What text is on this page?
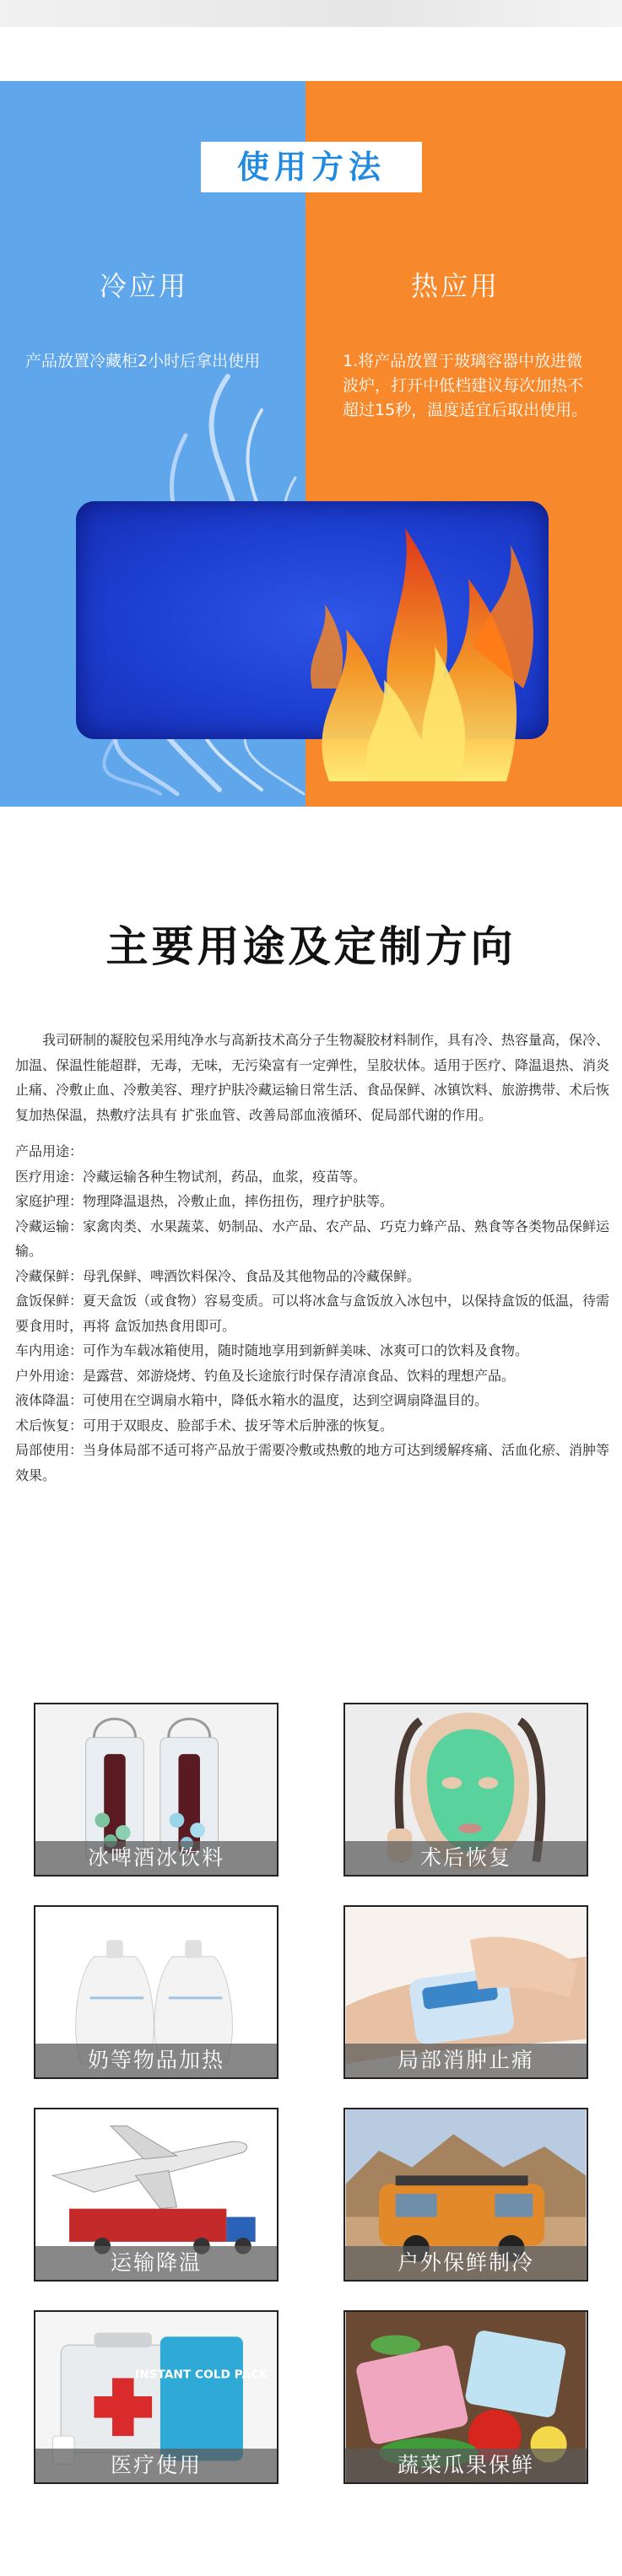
使用方法
冷应用	热应用
产品放置冷藏柜2小时后拿出使用	1.将产品放置于玻璃容器中放进微波炉，打开中低档建议每次加热不超过15秒，温度适宜后取出使用。
主要用途及定制方向

我司研制的凝胶包采用纯净水与高新技术高分子生物凝胶材料制作，具有冷、热容量高，保冷、加温、保温性能超群，无毒，无味，无污染富有一定弹性，呈胶状体。适用于医疗、降温退热、消炎止痛、冷敷止血、冷敷美容、理疗护肤冷藏运输日常生活、食品保鲜、冰镇饮料、旅游携带、术后恢复加热保温，热敷疗法具有 扩张血管、改善局部血液循环、促局部代谢的作用。

产品用途：

医疗用途：冷藏运输各种生物试剂，药品，血浆，疫苗等。

家庭护理：物理降温退热，冷敷止血，摔伤扭伤，理疗护肤等。

冷藏运输：家禽肉类、水果蔬菜、奶制品、水产品、农产品、巧克力蜂产品、熟食等各类物品保鲜运输。

冷藏保鲜：母乳保鲜、啤酒饮料保冷、食品及其他物品的冷藏保鲜。

盒饭保鲜：夏天盒饭（或食物）容易变质。可以将冰盒与盒饭放入冰包中，以保持盒饭的低温，待需要食用时，再将 盒饭加热食用即可。

车内用途：可作为车载冰箱使用，随时随地享用到新鲜美味、冰爽可口的饮料及食物。

户外用途：是露营、郊游烧烤、钓鱼及长途旅行时保存清凉食品、饮料的理想产品。

液体降温：可使用在空调扇水箱中，降低水箱水的温度，达到空调扇降温目的。

术后恢复：可用于双眼皮、脸部手术、拔牙等术后肿涨的恢复。

局部使用：当身体局部不适可将产品放于需要冷敷或热敷的地方可达到缓解疼痛、活血化瘀、消肿等效果。

冰啤酒冰饮料	术后恢复
奶等物品加热	局部消肿止痛
运输降温	户外保鲜制冷
INSTANT COLD PACK
医疗使用	蔬菜瓜果保鲜
